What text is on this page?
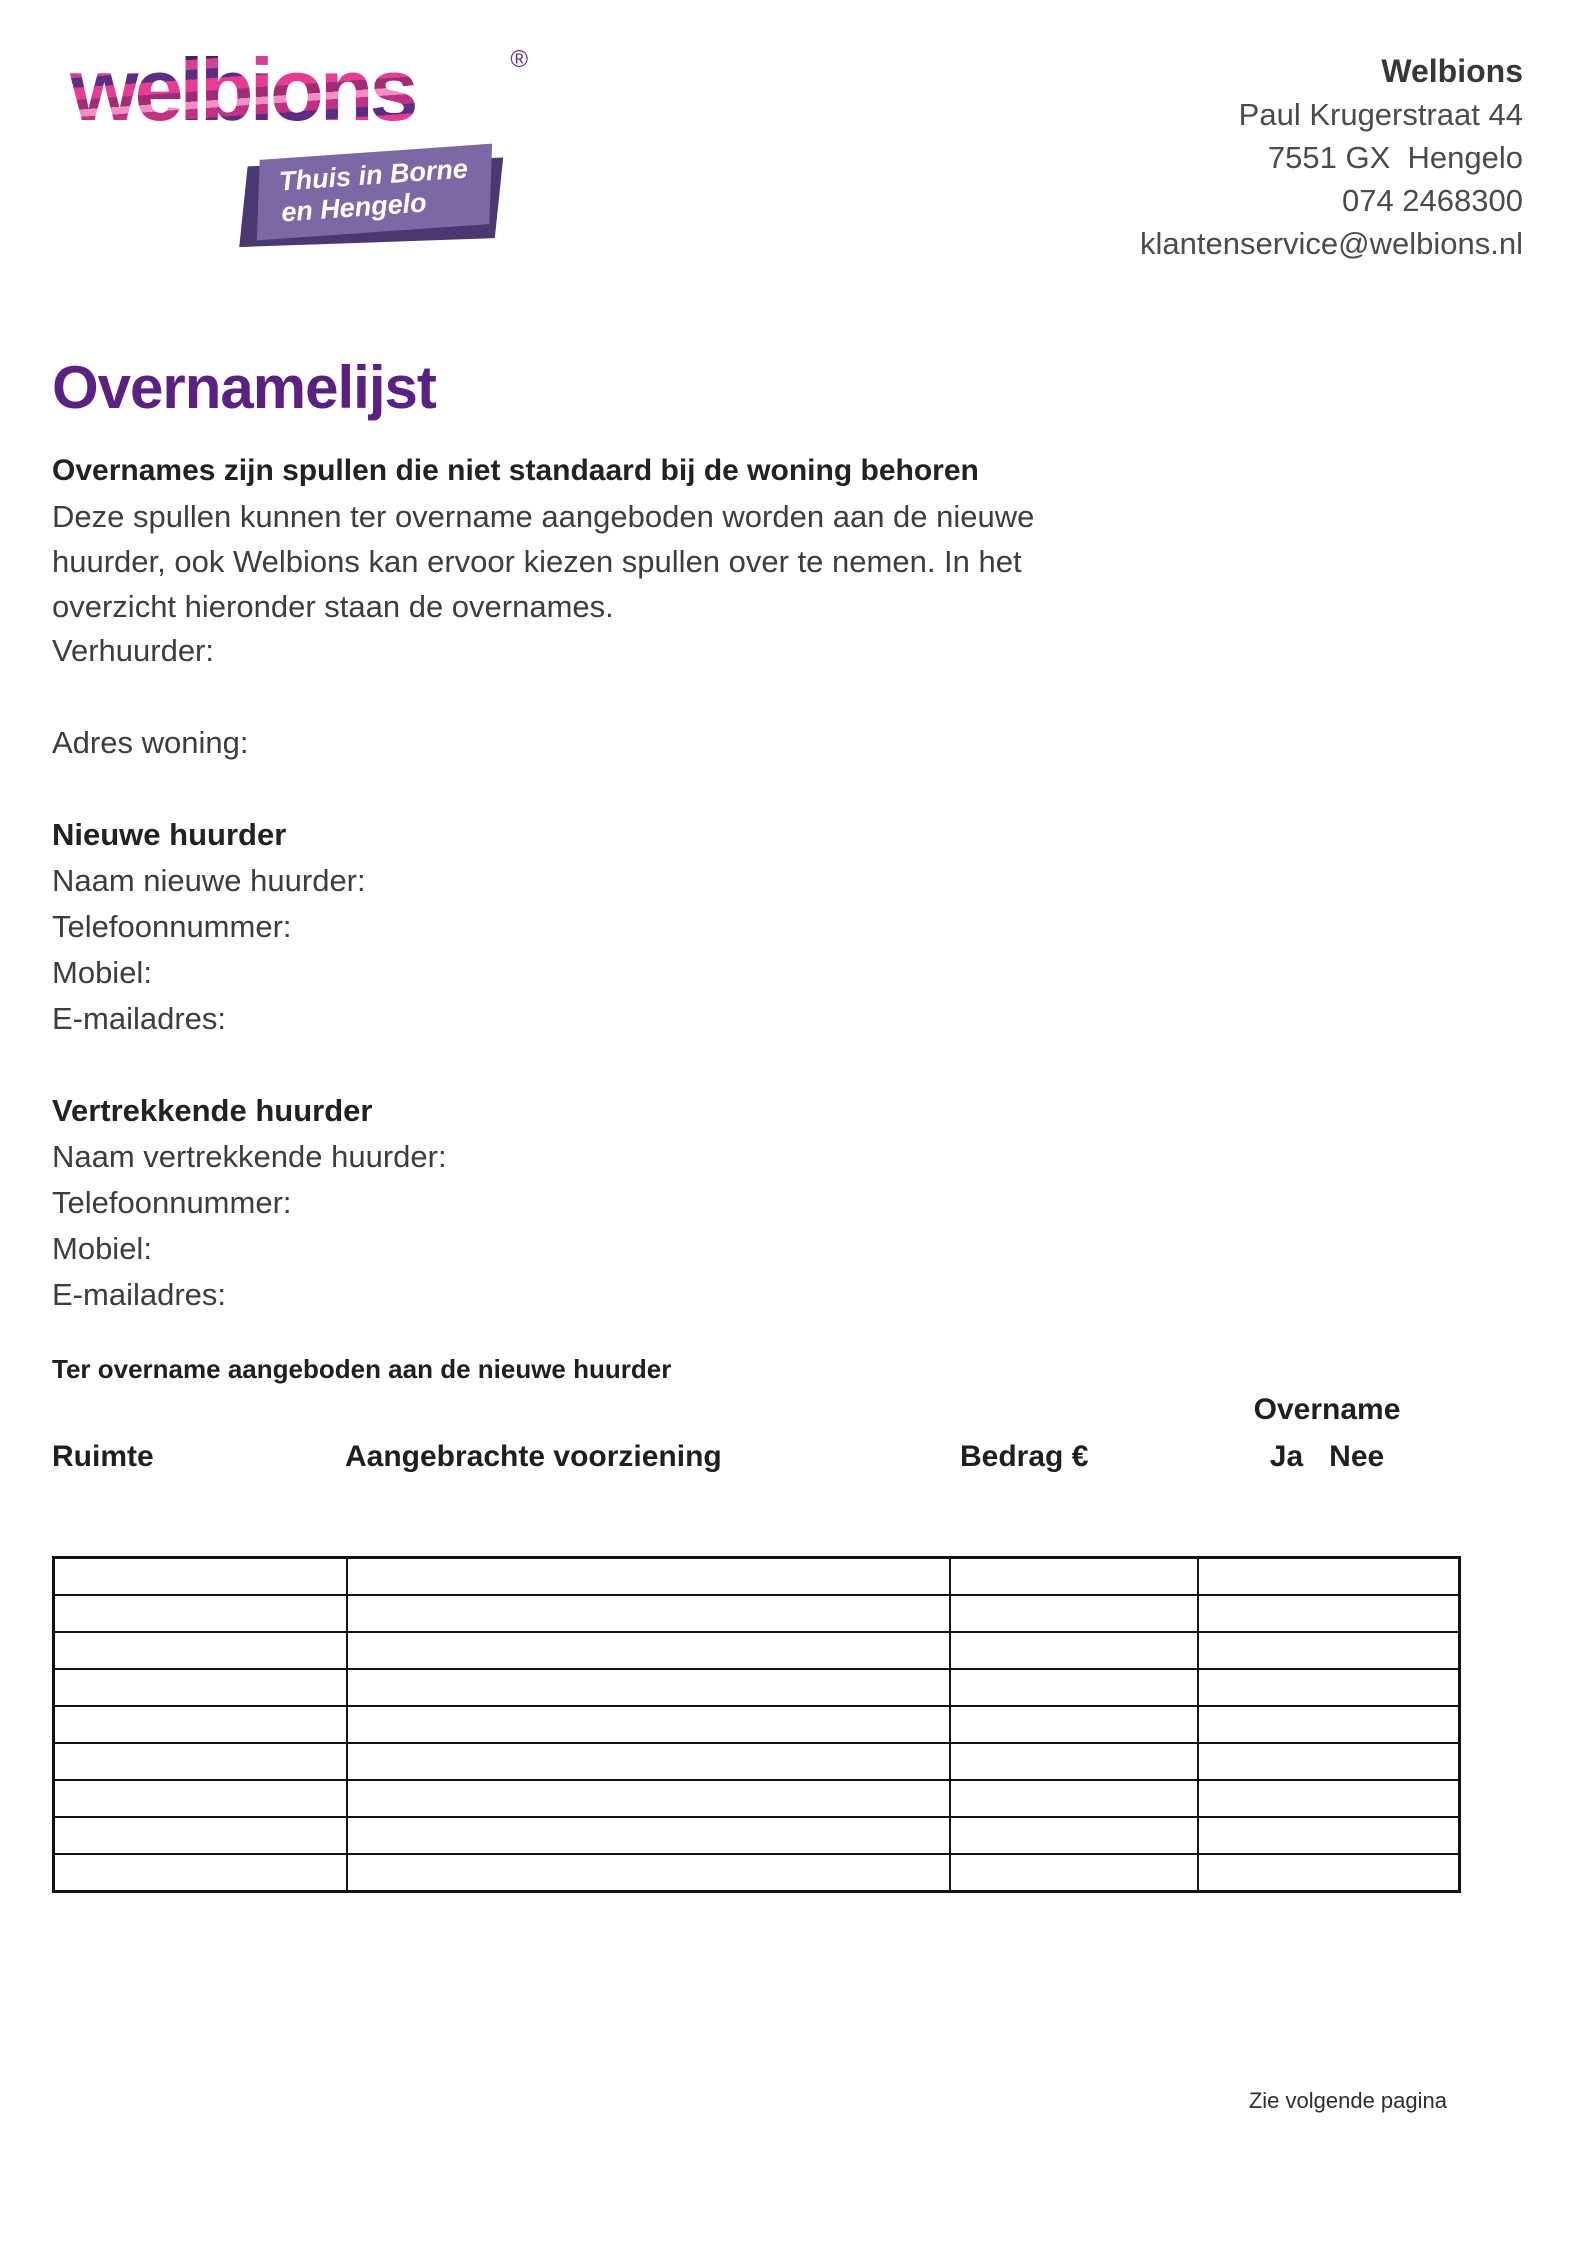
Welbions
Paul Krugerstraat 44
7551 GX  Hengelo
074 2468300
klantenservice@welbions.nl
welbions	®
Thuis in Borne
en Hengelo
Overnamelijst

Overnames zijn spullen die niet standaard bij de woning behoren

Deze spullen kunnen ter overname aangeboden worden aan de nieuwe huurder, ook Welbions kan ervoor kiezen spullen over te nemen. In het overzicht hieronder staan de overnames.

Verhuurder:
Adres woning:
Nieuwe huurder
Naam nieuwe huurder:
Telefoonnummer:
Mobiel:
E-mailadres:
Vertrekkende huurder
Naam vertrekkende huurder:
Telefoonnummer:
Mobiel:
E-mailadres:
Ter overname aangeboden aan de nieuwe huurder
Overname
Ruimte	Aangebrachte voorziening	Bedrag €	Ja Nee

Zie volgende pagina
